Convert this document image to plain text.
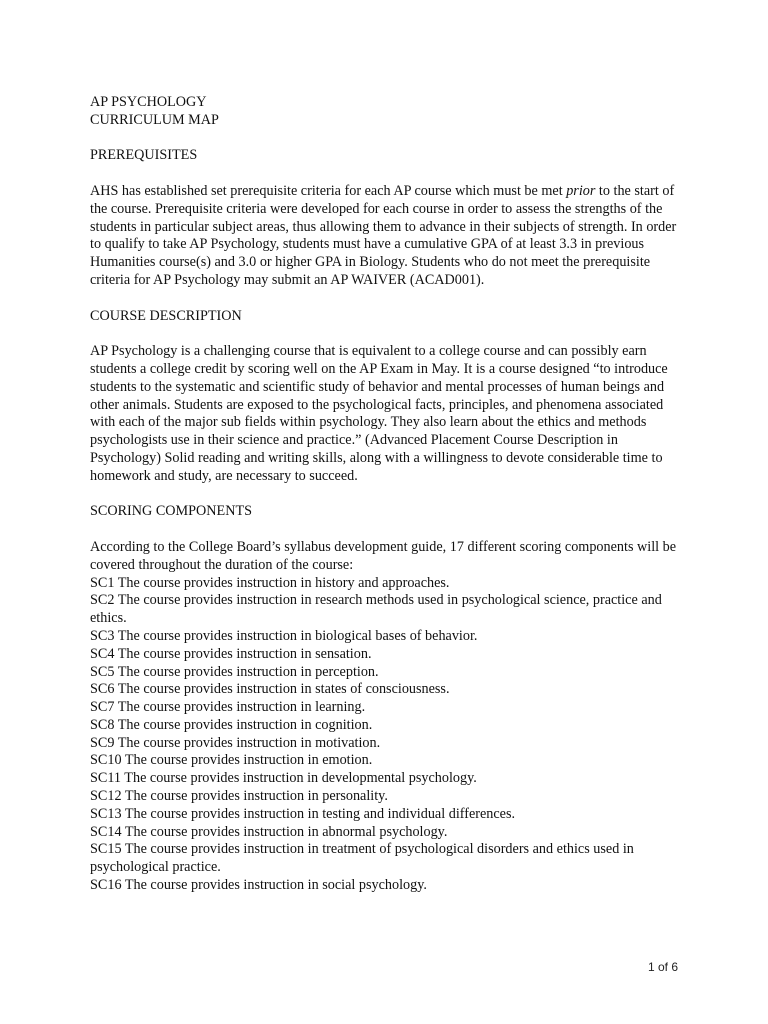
AP PSYCHOLOGY

CURRICULUM MAP

PREREQUISITES

AHS has established set prerequisite criteria for each AP course which must be met prior to the start of the course. Prerequisite criteria were developed for each course in order to assess the strengths of the students in particular subject areas, thus allowing them to advance in their subjects of strength. In order to qualify to take AP Psychology, students must have a cumulative GPA of at least 3.3 in previous Humanities course(s) and 3.0 or higher GPA in Biology. Students who do not meet the prerequisite criteria for AP Psychology may submit an AP WAIVER (ACAD001).

COURSE DESCRIPTION

AP Psychology is a challenging course that is equivalent to a college course and can possibly earn students a college credit by scoring well on the AP Exam in May. It is a course designed “to introduce students to the systematic and scientific study of behavior and mental processes of human beings and other animals. Students are exposed to the psychological facts, principles, and phenomena associated with each of the major sub fields within psychology. They also learn about the ethics and methods psychologists use in their science and practice.” (Advanced Placement Course Description in Psychology) Solid reading and writing skills, along with a willingness to devote considerable time to homework and study, are necessary to succeed.

SCORING COMPONENTS

According to the College Board’s syllabus development guide, 17 different scoring components will be covered throughout the duration of the course:

SC1 The course provides instruction in history and approaches.

SC2 The course provides instruction in research methods used in psychological science, practice and ethics.

SC3 The course provides instruction in biological bases of behavior.

SC4 The course provides instruction in sensation.

SC5 The course provides instruction in perception.

SC6 The course provides instruction in states of consciousness.

SC7 The course provides instruction in learning.

SC8 The course provides instruction in cognition.

SC9 The course provides instruction in motivation.

SC10 The course provides instruction in emotion.

SC11 The course provides instruction in developmental psychology.

SC12 The course provides instruction in personality.

SC13 The course provides instruction in testing and individual differences.

SC14 The course provides instruction in abnormal psychology.

SC15 The course provides instruction in treatment of psychological disorders and ethics used in psychological practice.

SC16 The course provides instruction in social psychology.

1 of 6
